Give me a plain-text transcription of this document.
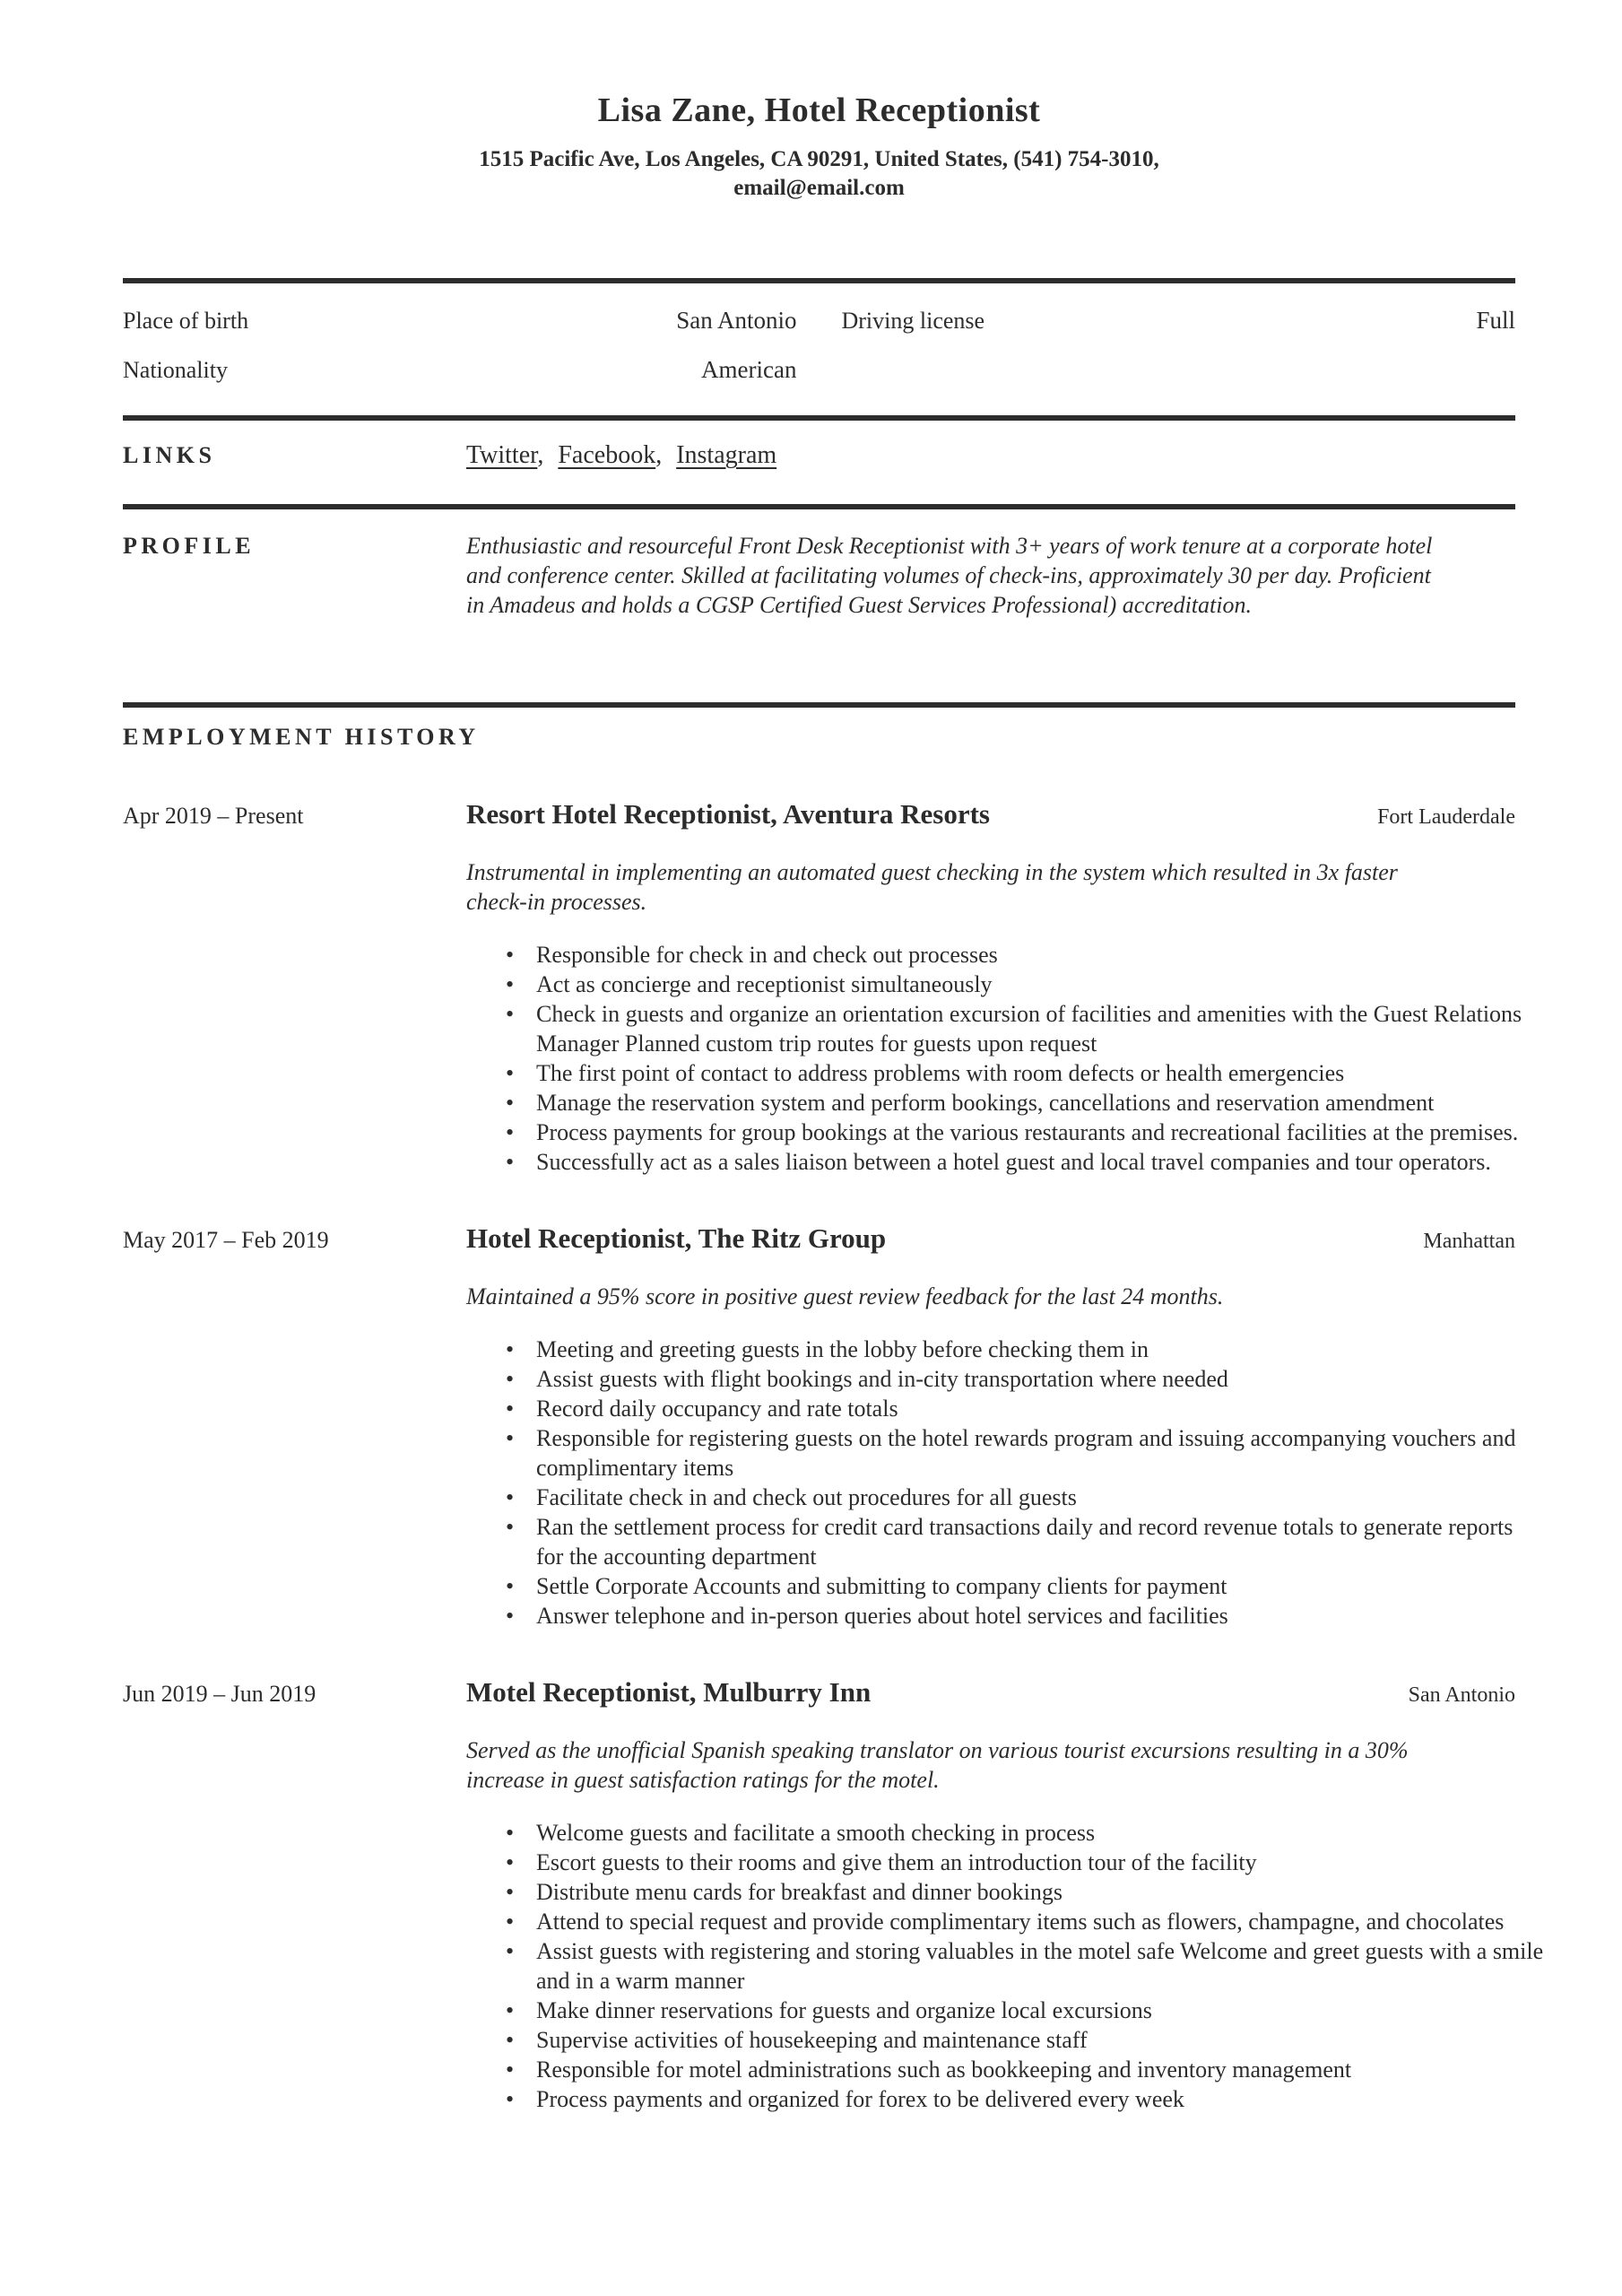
Lisa Zane, Hotel Receptionist
1515 Pacific Ave, Los Angeles, CA 90291, United States, (541) 754-3010,
email@email.com
Place of birth	San Antonio Driving license	Full
Nationality	American
LINKS	Twitter, Facebook, Instagram
PROFILE	Enthusiastic and resourceful Front Desk Receptionist with 3+ years of work tenure at a corporate hotel and conference center. Skilled at facilitating volumes of check-ins, approximately 30 per day. Proficient in Amadeus and holds a CGSP Certified Guest Services Professional) accreditation.
EMPLOYMENT HISTORY
Apr 2019 – Present	Resort Hotel Receptionist, Aventura Resorts	Fort Lauderdale
Instrumental in implementing an automated guest checking in the system which resulted in 3x faster check-in processes.
• Responsible for check in and check out processes
• Act as concierge and receptionist simultaneously
• Check in guests and organize an orientation excursion of facilities and amenities with the Guest Relations Manager Planned custom trip routes for guests upon request
• The first point of contact to address problems with room defects or health emergencies
• Manage the reservation system and perform bookings, cancellations and reservation amendment
• Process payments for group bookings at the various restaurants and recreational facilities at the premises.
• Successfully act as a sales liaison between a hotel guest and local travel companies and tour operators.
May 2017 – Feb 2019	Hotel Receptionist, The Ritz Group	Manhattan
Maintained a 95% score in positive guest review feedback for the last 24 months.
• Meeting and greeting guests in the lobby before checking them in
• Assist guests with flight bookings and in-city transportation where needed
• Record daily occupancy and rate totals
• Responsible for registering guests on the hotel rewards program and issuing accompanying vouchers and complimentary items
• Facilitate check in and check out procedures for all guests
• Ran the settlement process for credit card transactions daily and record revenue totals to generate reports for the accounting department
• Settle Corporate Accounts and submitting to company clients for payment
• Answer telephone and in-person queries about hotel services and facilities
Jun 2019 – Jun 2019	Motel Receptionist, Mulburry Inn	San Antonio
Served as the unofficial Spanish speaking translator on various tourist excursions resulting in a 30% increase in guest satisfaction ratings for the motel.
• Welcome guests and facilitate a smooth checking in process
• Escort guests to their rooms and give them an introduction tour of the facility
• Distribute menu cards for breakfast and dinner bookings
• Attend to special request and provide complimentary items such as flowers, champagne, and chocolates
• Assist guests with registering and storing valuables in the motel safe Welcome and greet guests with a smile and in a warm manner
• Make dinner reservations for guests and organize local excursions
• Supervise activities of housekeeping and maintenance staff
• Responsible for motel administrations such as bookkeeping and inventory management
• Process payments and organized for forex to be delivered every week
